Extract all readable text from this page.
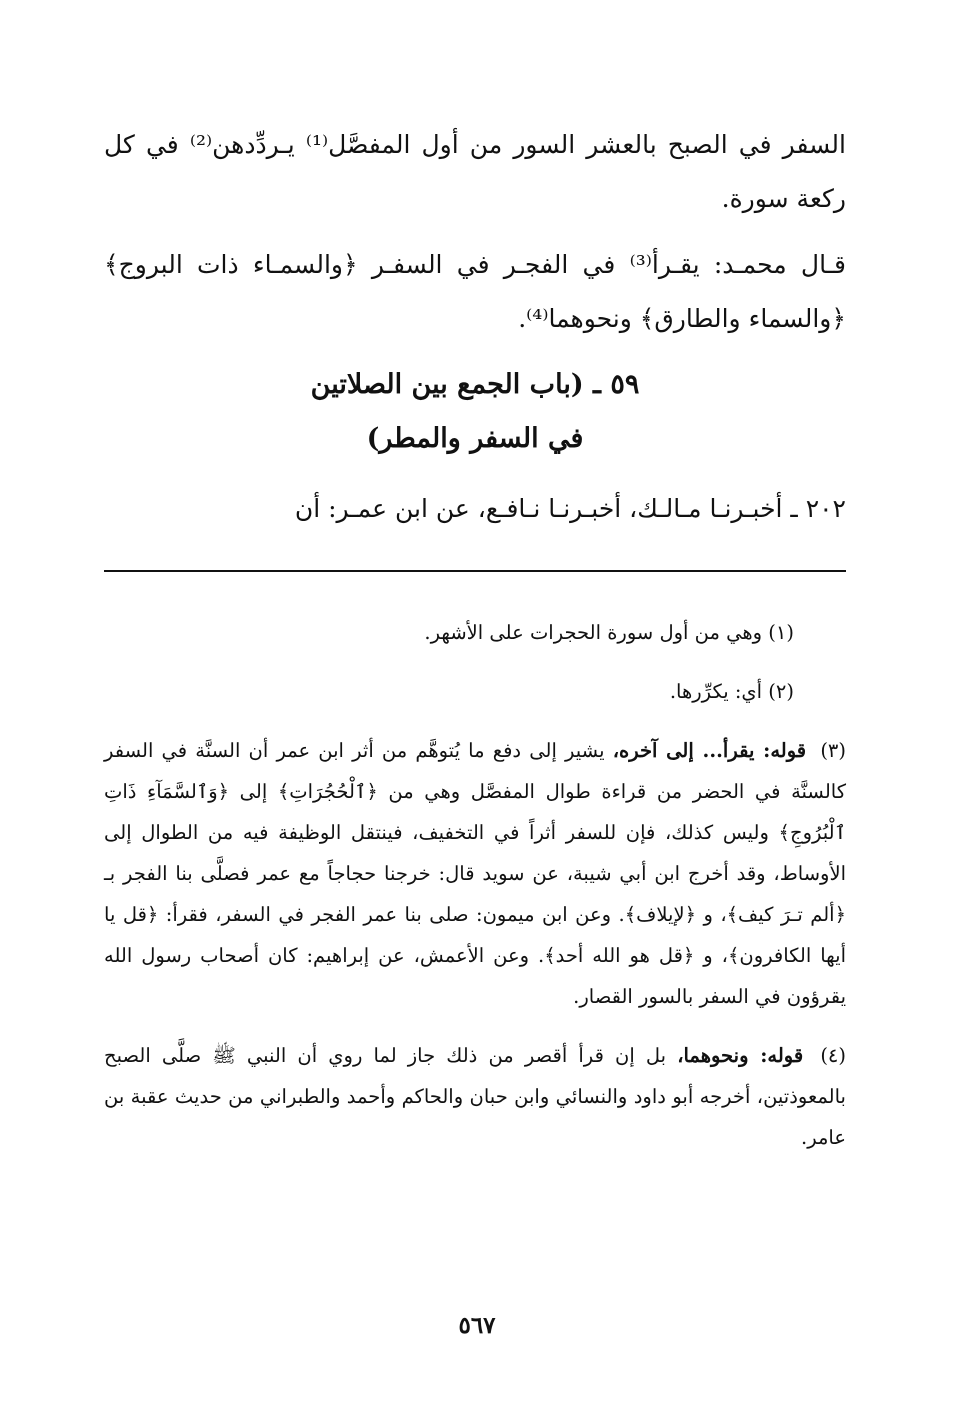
السفر في الصبح بالعشر السور من أول المفصَّل⁽¹⁾ يـردِّدهن⁽²⁾ في كل ركعة سورة.

قـال محمـد: يقـرأ⁽³⁾ في الفجـر في السفـر ﴿والسمـاء ذات البروج﴾ ﴿والسماء والطارق﴾ ونحوهما⁽⁴⁾.

٥٩ ـ (باب الجمع بين الصلاتين
في السفر والمطر)

٢٠٢ ـ أخبـرنـا مـالـك، أخبـرنـا نـافـع، عن ابن عمـر: أن

(١) وهي من أول سورة الحجرات على الأشهر.

(٢) أي: يكرِّرها.

(٣) قوله: يقرأ... إلى آخره، يشير إلى دفع ما يُتوهَّم من أثر ابن عمر أن السنَّة في السفر كالسنَّة في الحضر من قراءة طوال المفصَّل وهي من ﴿ٱلْحُجُرَاتِ﴾ إلى ﴿وَٱلسَّمَآءِ ذَاتِ ٱلْبُرُوجِ﴾ وليس كذلك، فإن للسفر أثراً في التخفيف، فينتقل الوظيفة فيه من الطوال إلى الأوساط، وقد أخرج ابن أبي شيبة، عن سويد قال: خرجنا حجاجاً مع عمر فصلَّى بنا الفجر بـ ﴿ألم تـرَ كيف﴾، و ﴿لإيلاف﴾. وعن ابن ميمون: صلى بنا عمر الفجر في السفر، فقرأ: ﴿قل يا أيها الكافرون﴾، و ﴿قل هو الله أحد﴾. وعن الأعمش، عن إبراهيم: كان أصحاب رسول الله يقرؤون في السفر بالسور القصار.

(٤) قوله: ونحوهما، بل إن قرأ أقصر من ذلك جاز لما روي أن النبي ﷺ صلَّى الصبح بالمعوذتين، أخرجه أبو داود والنسائي وابن حبان والحاكم وأحمد والطبراني من حديث عقبة بن عامر.

٥٦٧
